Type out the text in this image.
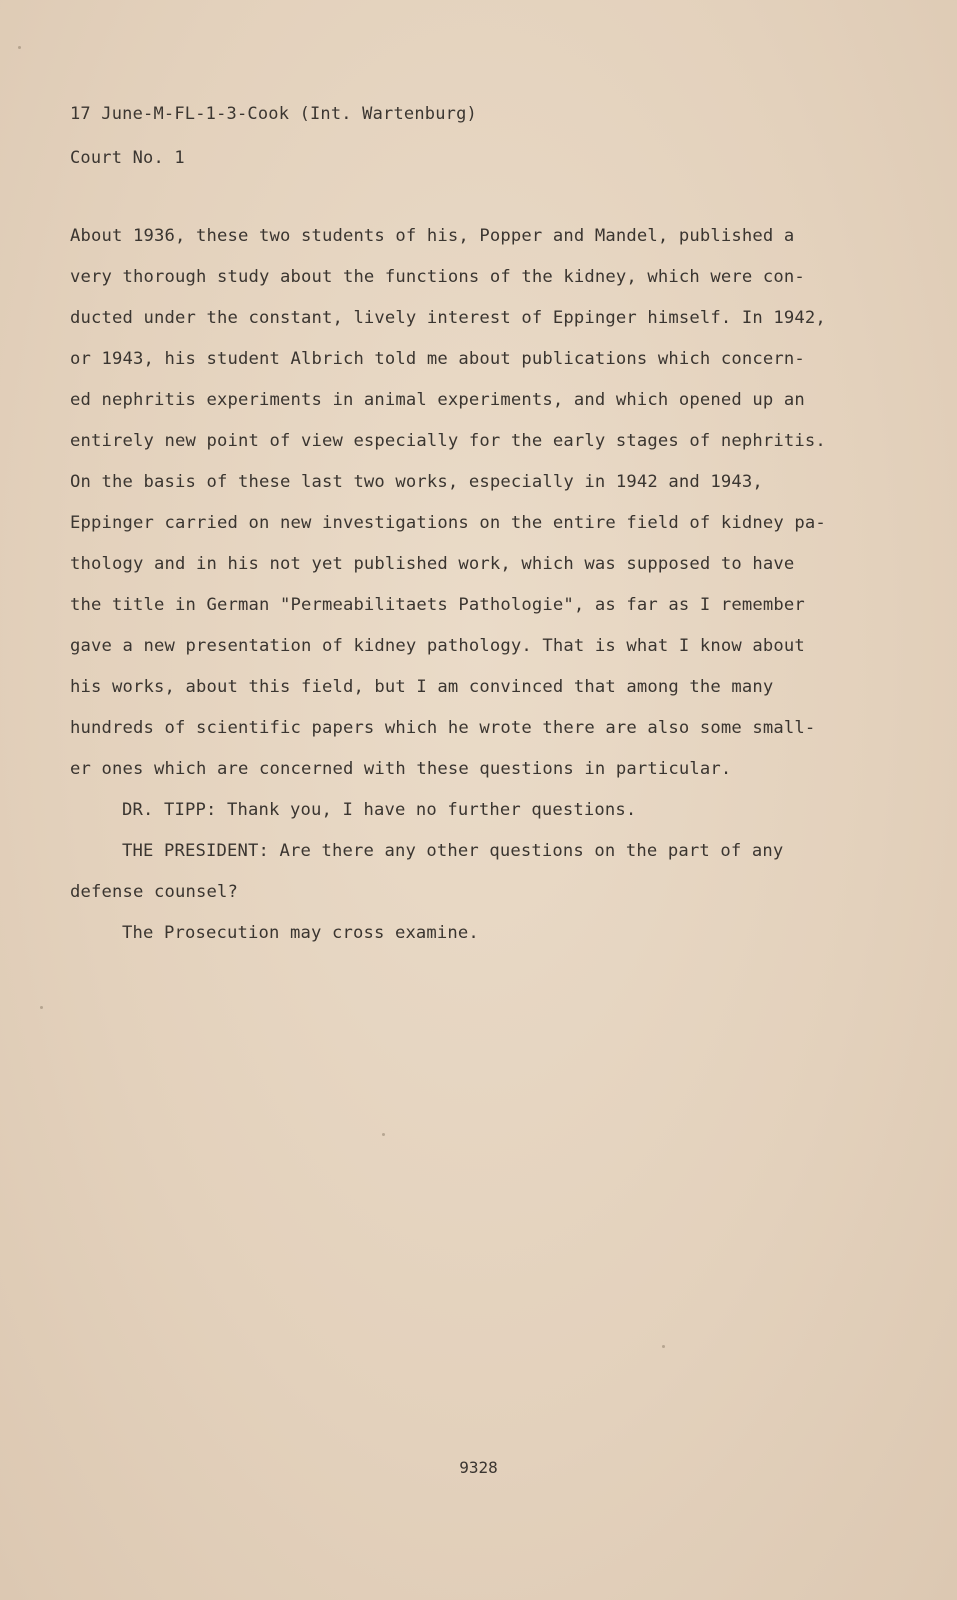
17 June-M-FL-1-3-Cook (Int. Wartenburg)
Court No. 1
About 1936, these two students of his, Popper and Mandel, published a
very thorough study about the functions of the kidney, which were con-
ducted under the constant, lively interest of Eppinger himself. In 1942,
or 1943, his student Albrich told me about publications which concern-
ed nephritis experiments in animal experiments, and which opened up an
entirely new point of view especially for the early stages of nephritis.
On the basis of these last two works, especially in 1942 and 1943,
Eppinger carried on new investigations on the entire field of kidney pa-
thology and in his not yet published work, which was supposed to have
the title in German "Permeabilitaets Pathologie", as far as I remember
gave a new presentation of kidney pathology. That is what I know about
his works, about this field, but I am convinced that among the many
hundreds of scientific papers which he wrote there are also some small-
er ones which are concerned with these questions in particular.
DR. TIPP: Thank you, I have no further questions.
THE PRESIDENT: Are there any other questions on the part of any
defense counsel?
The Prosecution may cross examine.
9328
